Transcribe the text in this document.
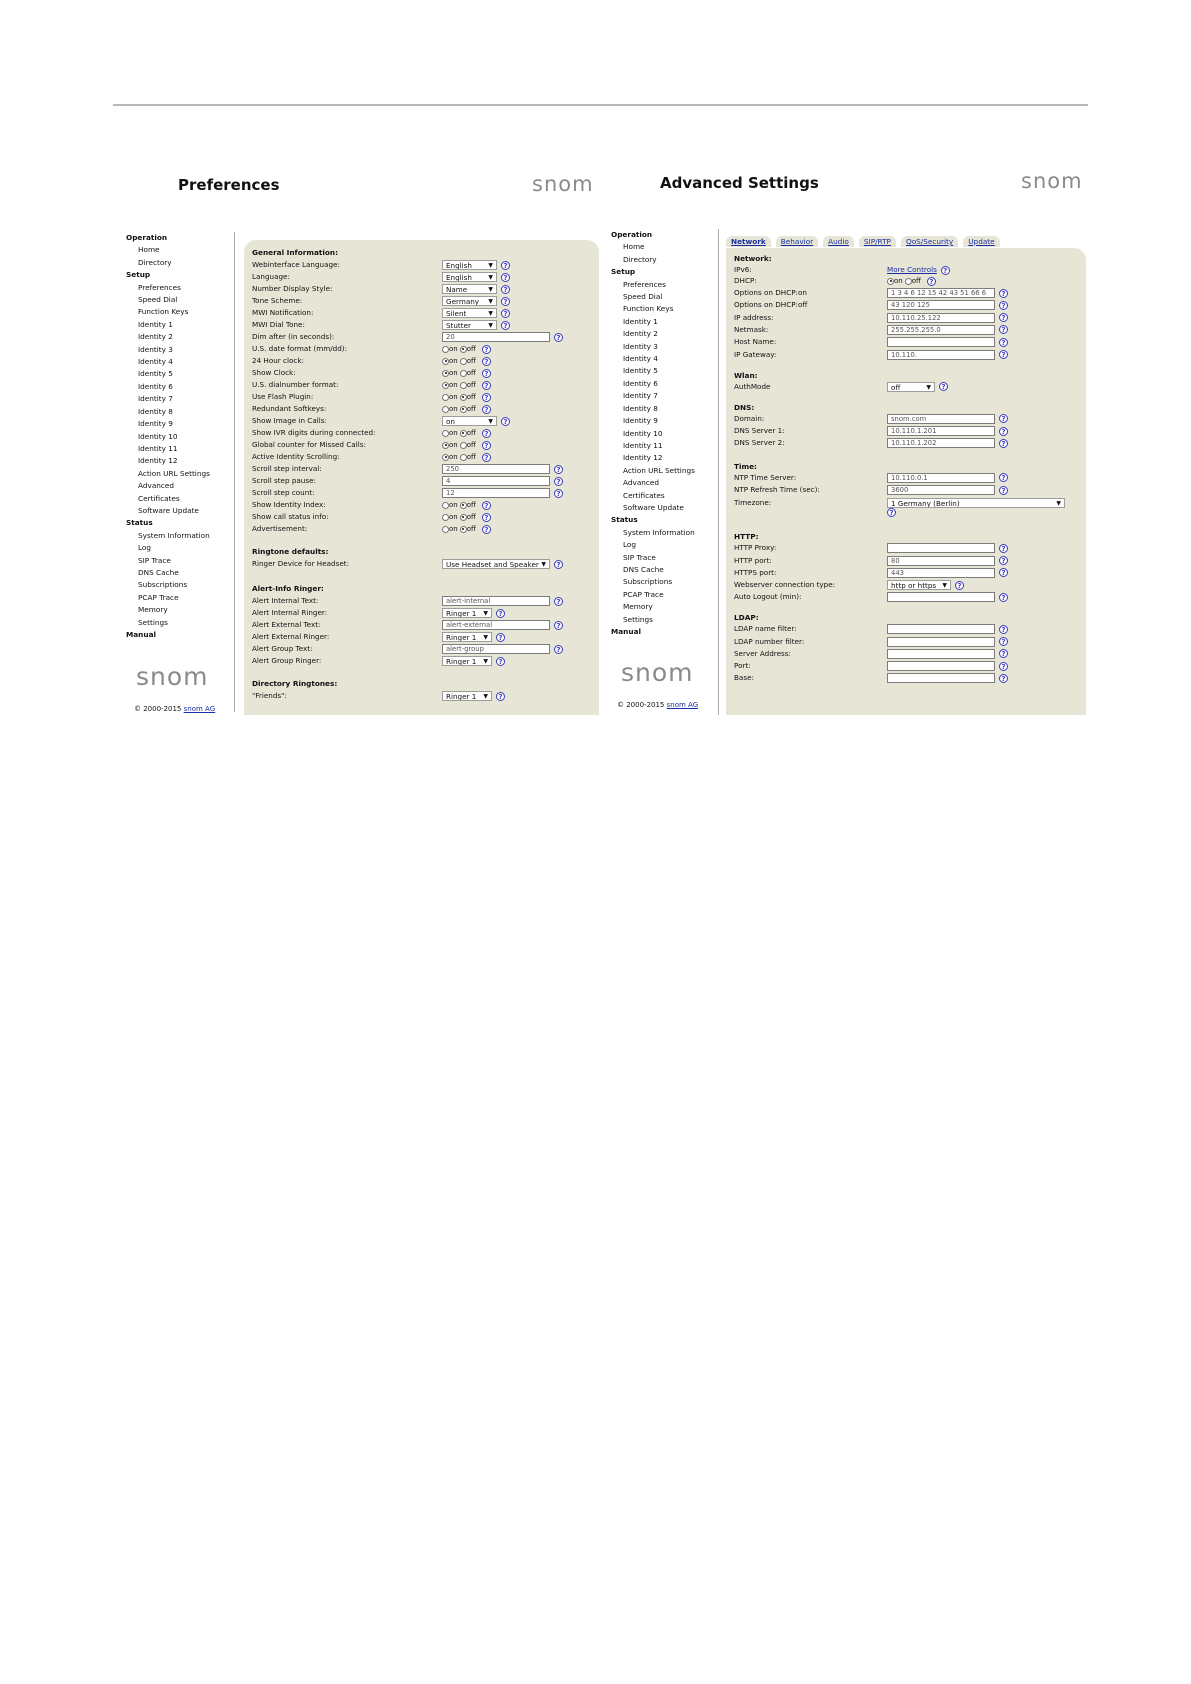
Preferences	snom
Operation
Home
Directory
Setup
Preferences
Speed Dial
Function Keys
Identity 1
Identity 2
Identity 3
Identity 4
Identity 5
Identity 6
Identity 7
Identity 8
Identity 9
Identity 10
Identity 11
Identity 12
Action URL Settings
Advanced
Certificates
Software Update
Status
System Information
Log
SIP Trace
DNS Cache
Subscriptions
PCAP Trace
Memory
Settings
Manual
snom
© 2000-2015 snom AG
General Information:
Webinterface Language:	English	▼	?
Language:	English	▼	?
Number Display Style:	Name	▼	?
Tone Scheme:	Germany ▼	?
MWI Notification:	Silent	▼	?
MWI Dial Tone:	Stutter	▼	?
Dim after (in seconds):	20	?
U.S. date format (mm/dd):	on off	?
24 Hour clock:	on off	?
Show Clock:	on off	?
U.S. dialnumber format:	on off	?
Use Flash Plugin:	on off	?
Redundant Softkeys:	on off	?
Show Image in Calls:	on	▼	?
Show IVR digits during connected:	on off	?
Global counter for Missed Calls:	on off	?
Active Identity Scrolling:	on off	?
Scroll step interval:	250	?
Scroll step pause:	4	?
Scroll step count:	12	?
Show Identity Index:	on off	?
Show call status info:	on off	?
Advertisement:	on off	?
Ringtone defaults:
Ringer Device for Headset:	Use Headset and Speaker ▼	?
Alert-Info Ringer:
Alert Internal Text:	alert-internal	?
Alert Internal Ringer:	Ringer 1 ▼	?
Alert External Text:	alert-external	?
Alert External Ringer:	Ringer 1 ▼	?
Alert Group Text:	alert-group	?
Alert Group Ringer:	Ringer 1 ▼	?
Directory Ringtones:
"Friends":	Ringer 1 ▼	?
Advanced Settings	snom
Operation
Home
Directory
Setup
Preferences
Speed Dial
Function Keys
Identity 1
Identity 2
Identity 3
Identity 4
Identity 5
Identity 6
Identity 7
Identity 8
Identity 9
Identity 10
Identity 11
Identity 12
Action URL Settings
Advanced
Certificates
Software Update
Status
System Information
Log
SIP Trace
DNS Cache
Subscriptions
PCAP Trace
Memory
Settings
Manual
snom
© 2000-2015 snom AG
Network	Behavior	Audio	SIP/RTP	QoS/Security	Update
Network:
IPv6:	More Controls ?
DHCP:	on off	?
Options on DHCP:on	1 3 4 6 12 15 42 43 51 66 6	?
Options on DHCP:off	43 120 125	?
IP address:	10.110.25.122	?
Netmask:	255.255.255.0	?
Host Name:	?
IP Gateway:	10.110.	?
Wlan:
AuthMode	off	▼	?
DNS:
Domain:	snom.com	?
DNS Server 1:	10.110.1.201	?
DNS Server 2:	10.110.1.202	?
Time:
NTP Time Server:	10.110.0.1	?
NTP Refresh Time (sec):	3600	?
Timezone:	1 Germany (Berlin)	▼
?
HTTP:
HTTP Proxy:	?
HTTP port:	80	?
HTTPS port:	443	?
Webserver connection type:	http or https ▼	?
Auto Logout (min):	?
LDAP:
LDAP name filter:	?
LDAP number filter:	?
Server Address:	?
Port:	?
Base:	?
